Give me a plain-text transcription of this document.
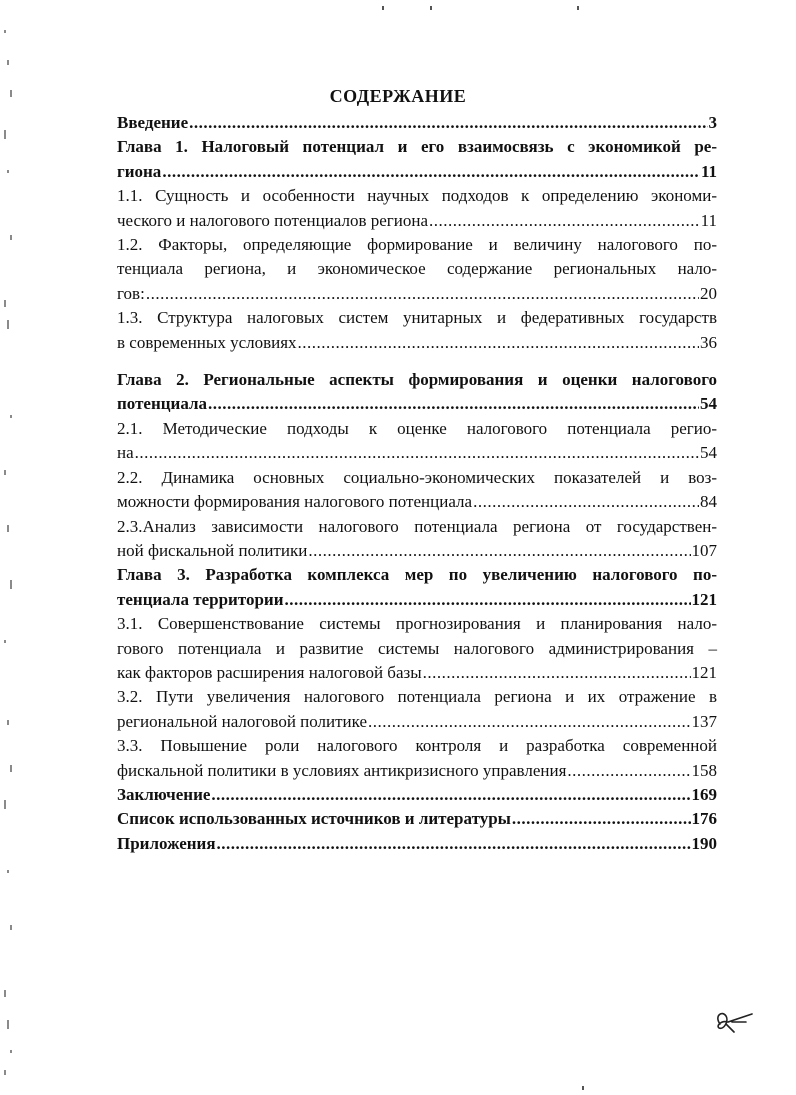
СОДЕРЖАНИЕ
Введение .....	3
Глава 1. Налоговый потенциал и его взаимосвязь с экономикой ре-
гиона .....	11
1.1. Сущность и особенности научных подходов к определению экономи-
ческого и налогового потенциалов региона .....	11
1.2. Факторы, определяющие формирование и величину налогового по-
тенциала региона, и экономическое содержание региональных нало-
гов: .....	20
1.3. Структура налоговых систем унитарных и федеративных государств
в современных условиях .....	36
Глава 2. Региональные аспекты формирования и оценки налогового
потенциала .....	54
2.1. Методические подходы к оценке налогового потенциала регио-
на .....	54
2.2. Динамика основных социально-экономических показателей и воз-
можности формирования налогового потенциала .....	84
2.3.Анализ зависимости налогового потенциала региона от государствен-
ной фискальной политики .....	107
Глава 3. Разработка комплекса мер по увеличению налогового по-
тенциала территории .....	121
3.1. Совершенствование системы прогнозирования и планирования нало-
гового потенциала и развитие системы налогового администрирования –
как факторов расширения налоговой базы .....	121
3.2. Пути увеличения налогового потенциала региона и их отражение в
региональной налоговой политике .....	137
3.3. Повышение роли налогового контроля и разработка современной
фискальной политики в условиях антикризисного управления .....	158
Заключение .....	169
Список использованных источников и литературы .....	176
Приложения .....	190
